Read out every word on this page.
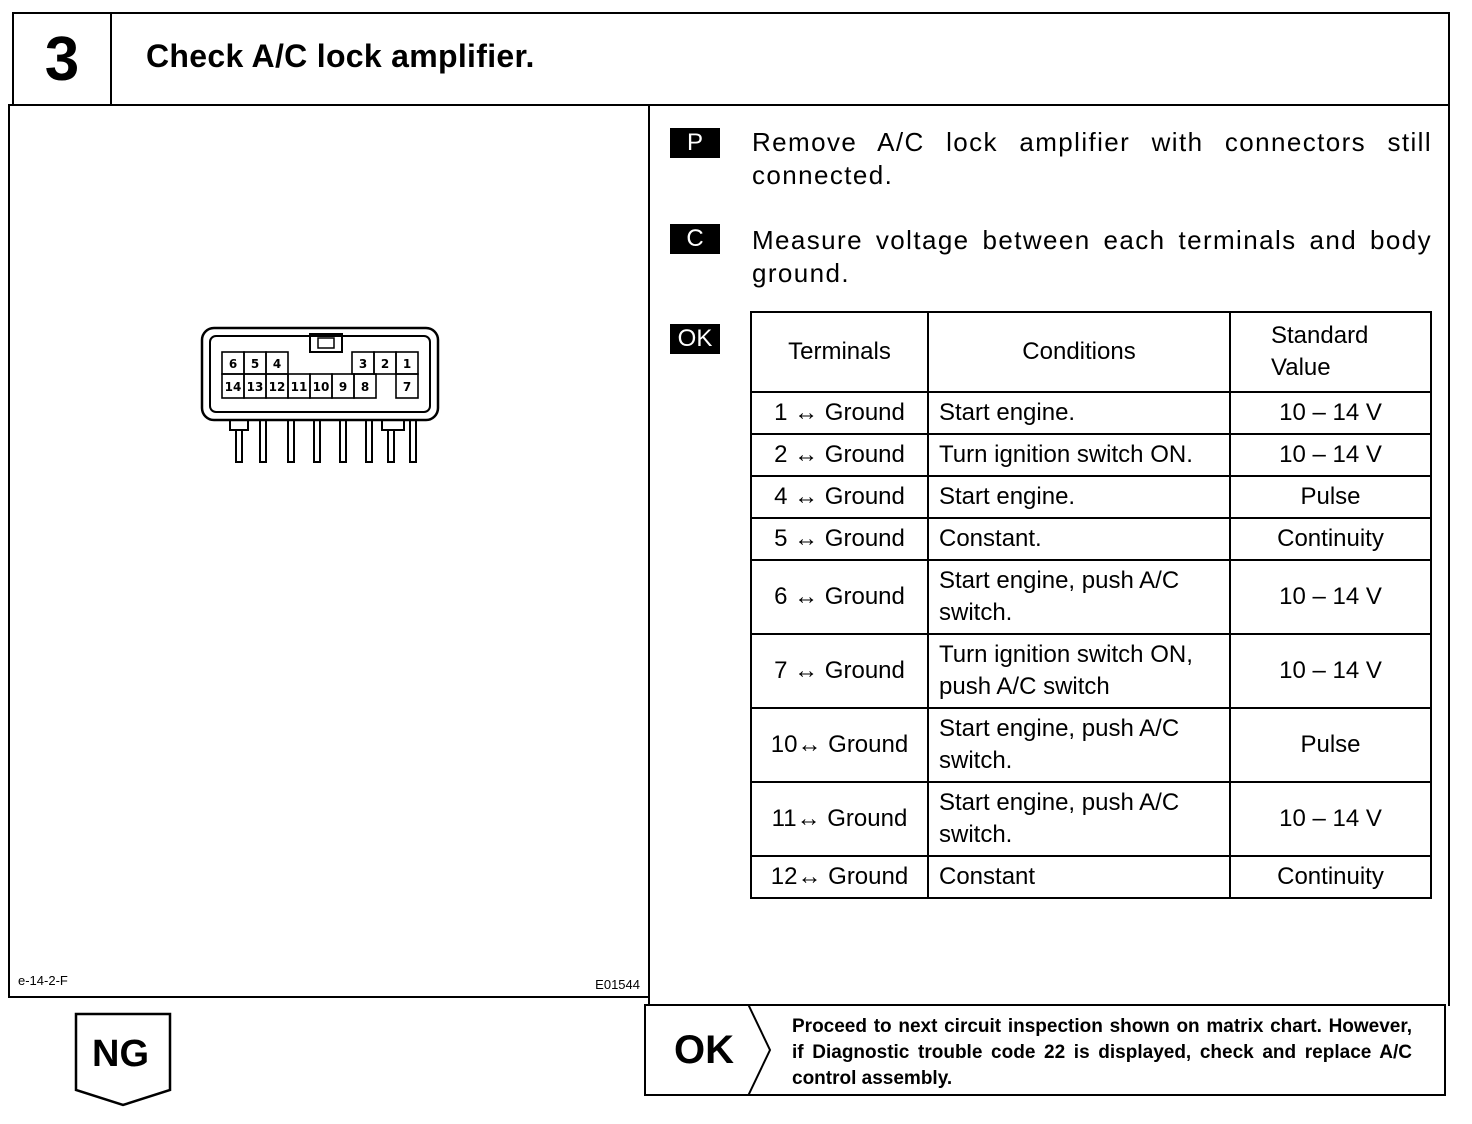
3	Check A/C lock amplifier.
6 5 4	3 2 1
14 13 12 11 10 9 8	7
e-14-2-F	E01544
P	Remove A/C lock amplifier with connectors still connected.
C	Measure voltage between each terminals and body ground.
OK	Terminals	Conditions	Standard Value
1 ↔ Ground	Start engine.	10 – 14 V
2 ↔ Ground	Turn ignition switch ON.	10 – 14 V
4 ↔ Ground	Start engine.	Pulse
5 ↔ Ground	Constant.	Continuity
6 ↔ Ground	Start engine, push A/C switch.	10 – 14 V
7 ↔ Ground	Turn ignition switch ON, push A/C switch	10 – 14 V
10↔ Ground	Start engine, push A/C switch.	Pulse
11↔ Ground	Start engine, push A/C switch.	10 – 14 V
12↔ Ground	Constant	Continuity
OK
Proceed to next circuit inspection shown on matrix chart. However, if Diagnostic trouble code 22 is displayed, check and replace A/C control assembly.
NG
